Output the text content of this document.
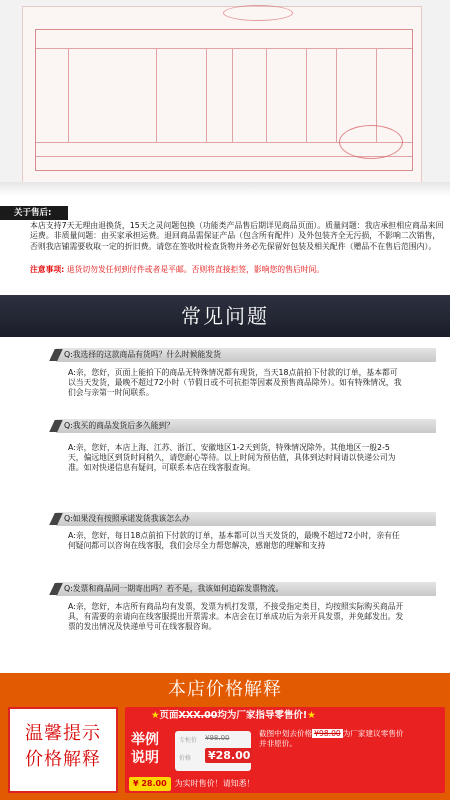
关于售后:
本店支持7天无理由退换货，15天之灵问题包换（功能类产品售后期详见商品页面）。质量问题：我店承担相应商品来回运费。非质量问题：由买家承担运费。退回商品需保证产品（包含所有配件）及外包装齐全无污损，不影响二次销售，否则我店铺需要收取一定的折旧费。请您在签收时检查货物并务必先保留好包装及相关配件（赠品不在售后范围内）。
注意事项: 退货切勿发任何到付件或者是平邮。否则将直接拒签，影响您的售后时间。
常见问题
Q:我选择的这款商品有货吗？什么时候能发货
A:亲，您好，页面上能拍下的商品无特殊情况都有现货，当天18点前拍下付款的订单，基本都可以当天发货，最晚不超过72小时（节假日或不可抗拒等因素及预售商品除外）。如有特殊情况，我们会与亲第一时间联系。
Q:我买的商品发货后多久能到？
A:亲，您好，本店上海、江苏、浙江、安徽地区1-2天到货，特殊情况除外。其他地区一般2-5天，偏远地区到货时间稍久，请您耐心等待。以上时间为预估值，具体到达时间请以快递公司为准。如对快递信息有疑问，可联系本店在线客服查询。
Q:如果没有按照承诺发货我该怎么办
A:亲，您好，每日18点前拍下付款的订单，基本都可以当天发货的，最晚不超过72小时，亲有任何疑问都可以咨询在线客服，我们会尽全力帮您解决，感谢您的理解和支持
Q:发票和商品同一期寄出吗？若不是，我该如何追踪发票物流。
A:亲，您好，本店所有商品均有发票，发票为机打发票，不接受指定类目，均按照实际购买商品开具，有需要的亲请向在线客服提出开票需求。本店会在订单成功后为亲开具发票，并免邮发出。发票的发出情况及快递单号可在线客服咨询。
本店价格解释
温馨提示
价格解释
★页面XXX.00均为厂家指导零售价!★
举例
说明
专柜价 ¥98.00
价格 ¥28.00
截图中划去价格 ¥98.00 为厂家建议零售价
并非原价。
¥ 28.00 为实时售价！请知悉！
